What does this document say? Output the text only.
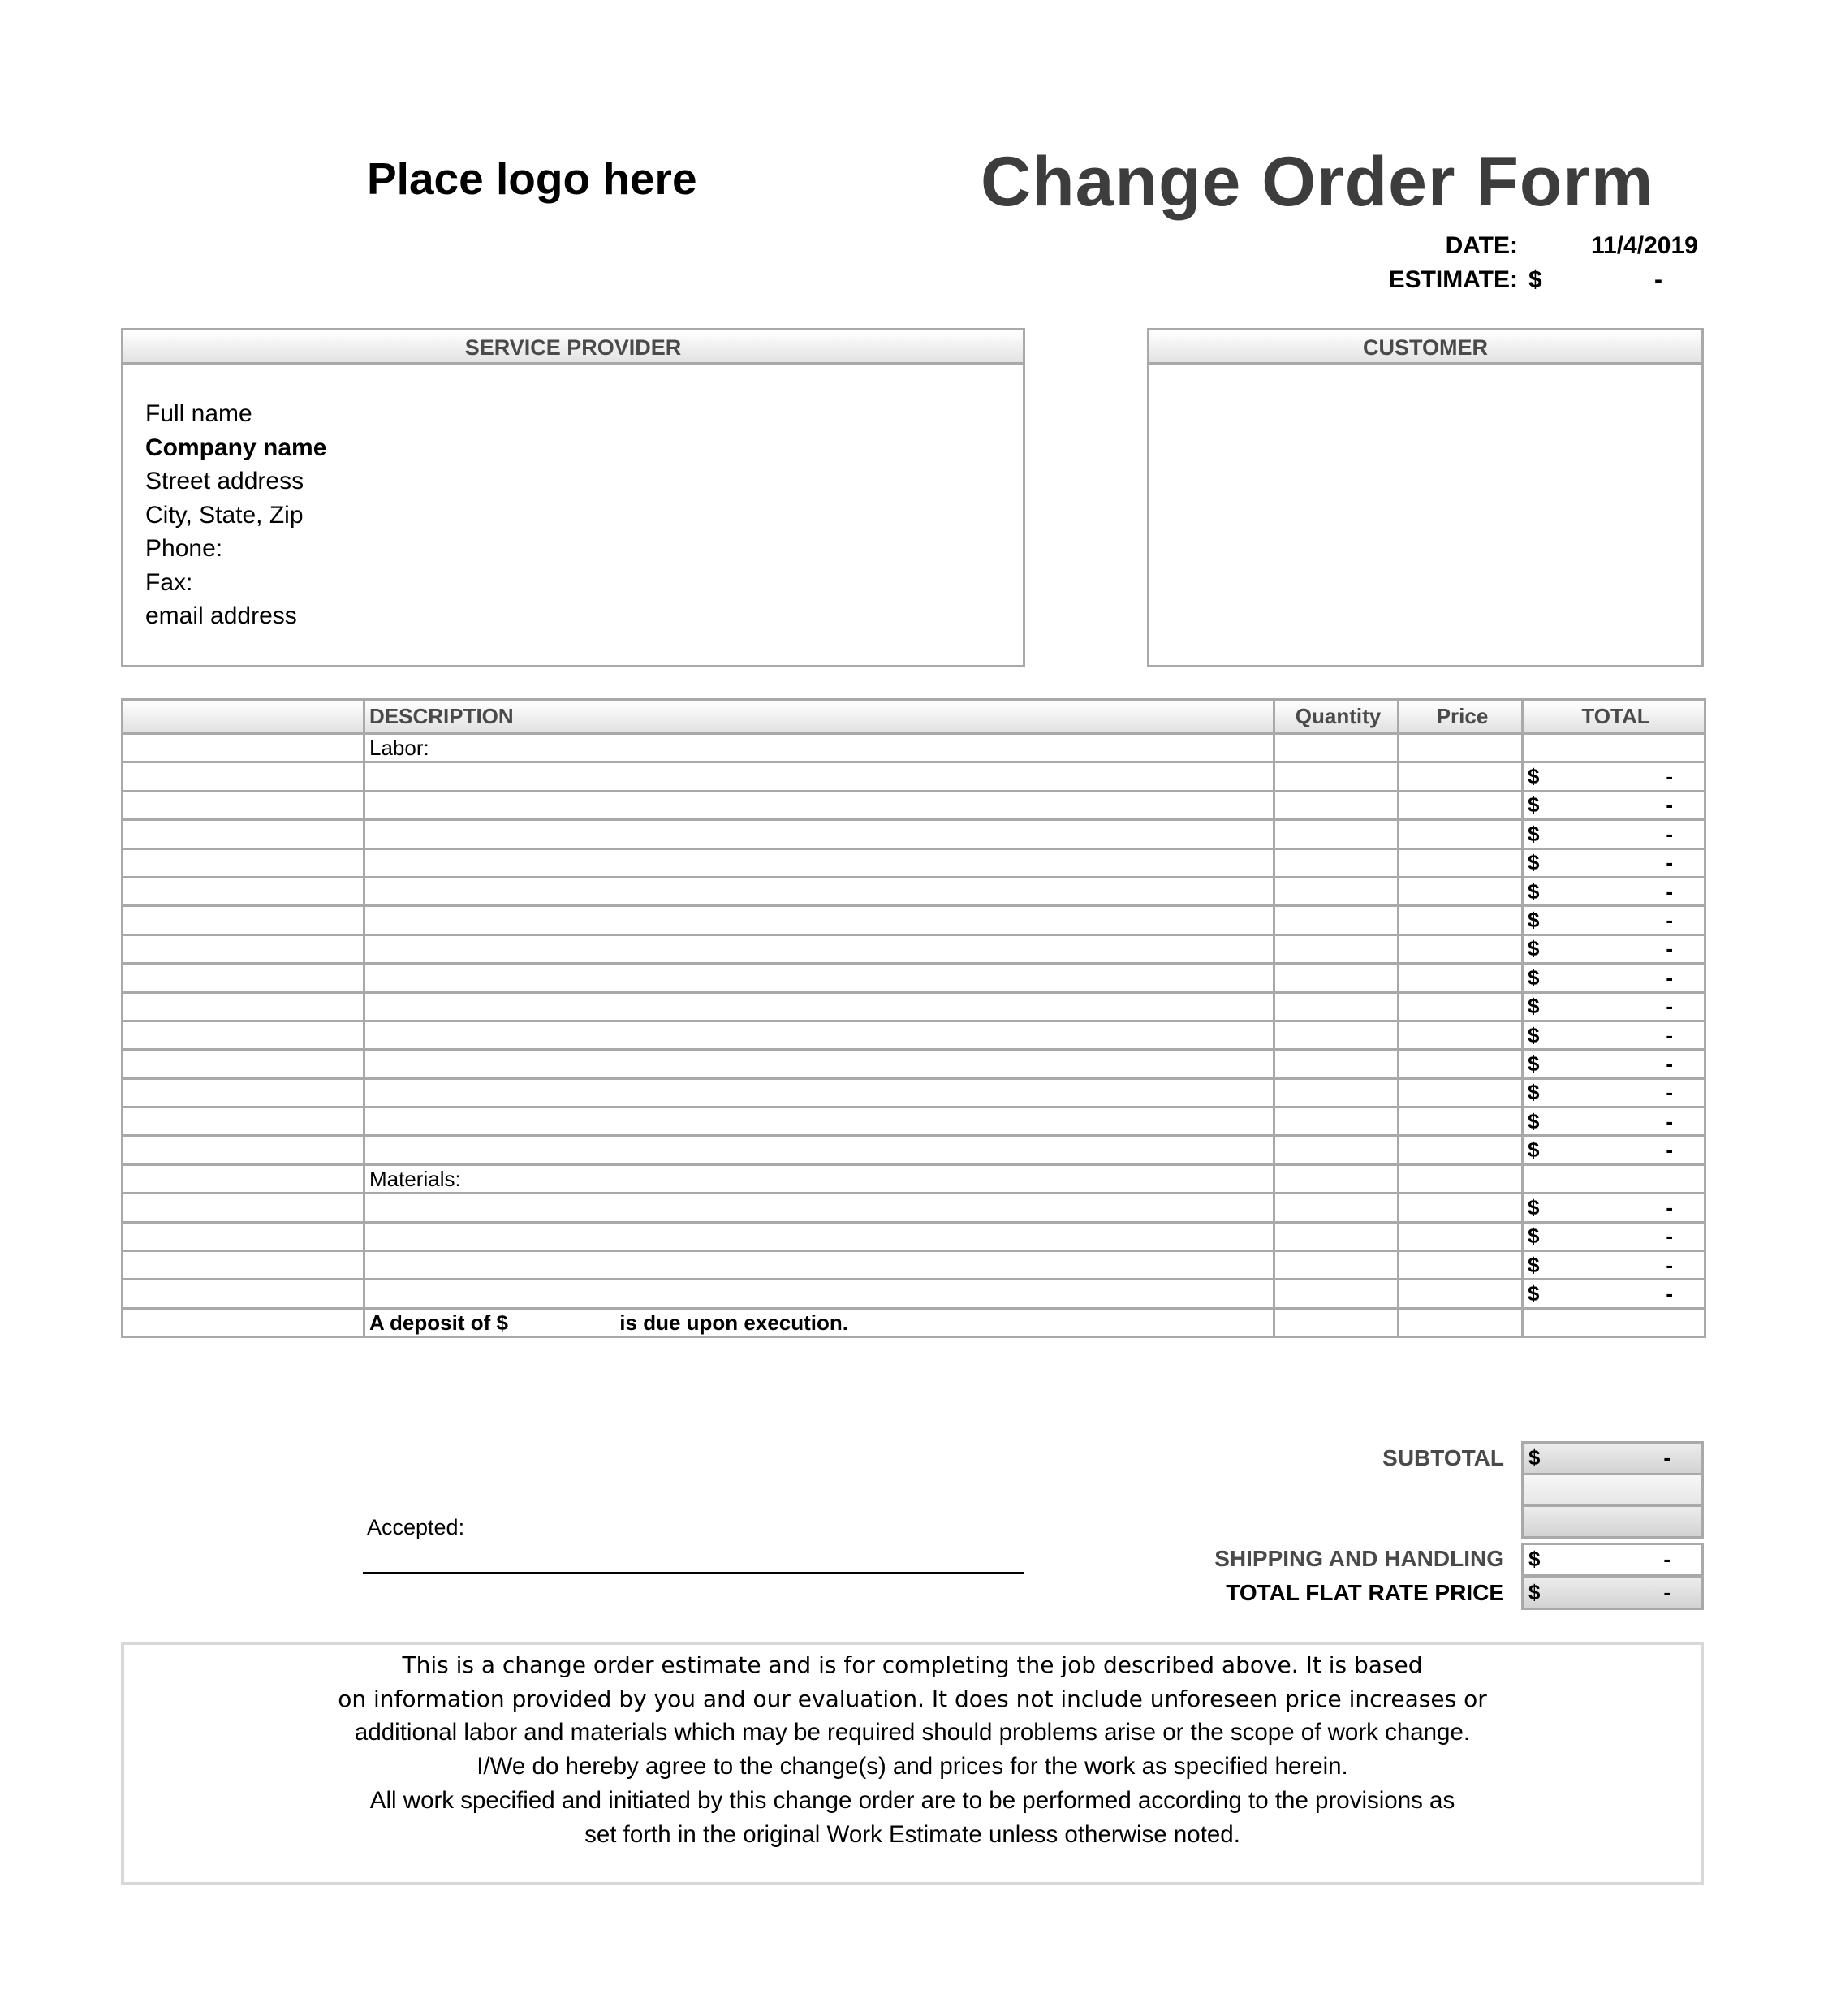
Place logo here	Change Order Form
DATE:	11/4/2019
ESTIMATE: $	-
SERVICE PROVIDER
Full name
Company name
Street address
City, State, Zip
Phone:
Fax:
email address
CUSTOMER
	DESCRIPTION	Quantity	Price	TOTAL
	Labor:			

				$ -

				$ -

				$ -

				$ -

				$ -

				$ -

				$ -

				$ -

				$ -

				$ -

				$ -

				$ -

				$ -

				$ -

	Materials:			

				$ -

				$ -

				$ -

				$ -

	A deposit of $_________ is due upon execution.			
SUBTOTAL $	-
SHIPPING AND HANDLING $	-
TOTAL FLAT RATE PRICE $	-
Accepted:
This is a change order estimate and is for completing the job described above. It is based
on information provided by you and our evaluation. It does not include unforeseen price increases or
additional labor and materials which may be required should problems arise or the scope of work change.
I/We do hereby agree to the change(s) and prices for the work as specified herein.
All work specified and initiated by this change order are to be performed according to the provisions as
set forth in the original Work Estimate unless otherwise noted.
